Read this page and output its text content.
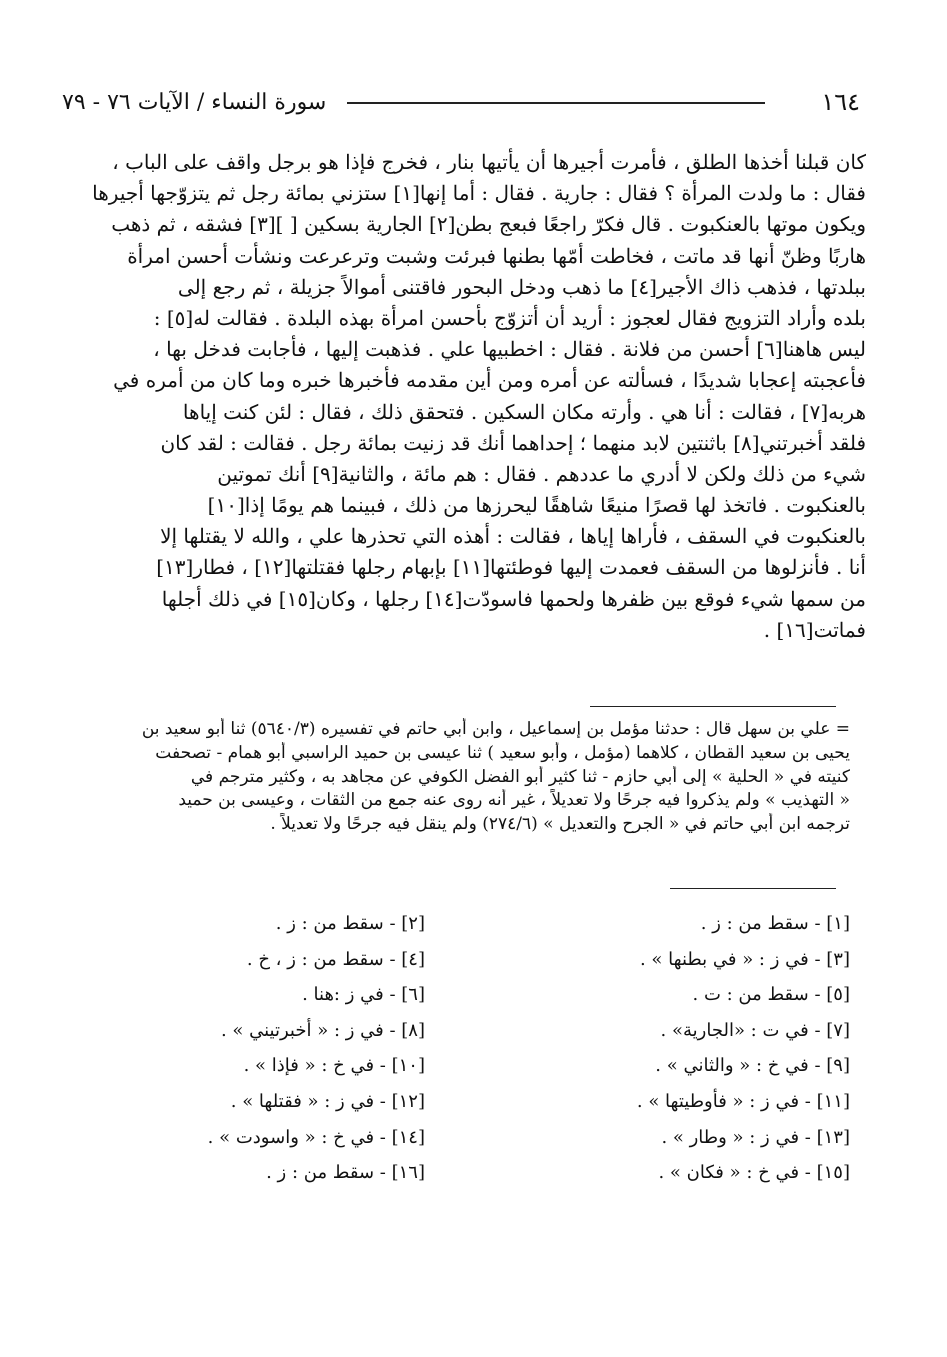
١٦٤
سورة النساء / الآيات ٧٦ - ٧٩
كان قبلنا أخذها الطلق ، فأمرت أجيرها أن يأتيها بنار ، فخرج فإذا هو برجل واقف على الباب ،
فقال : ما ولدت المرأة ؟ فقال : جارية . فقال : أما إنها[١] ستزني بمائة رجل ثم يتزوّجها أجيرها
ويكون موتها بالعنكبوت . قال فكرّ راجعًا فبعج بطن[٢] الجارية بسكين [ ][٣] فشقه ، ثم ذهب
هاربًا وظنّ أنها قد ماتت ، فخاطت أمّها بطنها فبرئت وشبت وترعرعت ونشأت أحسن امرأة
ببلدتها ، فذهب ذاك الأجير[٤] ما ذهب ودخل البحور فاقتنى أموالاً جزيلة ، ثم رجع إلى
بلده وأراد التزويج فقال لعجوز : أريد أن أتزوّج بأحسن امرأة بهذه البلدة . فقالت له[٥] :
ليس هاهنا[٦] أحسن من فلانة . فقال : اخطبيها علي . فذهبت إليها ، فأجابت فدخل بها ،
فأعجبته إعجابا شديدًا ، فسألته عن أمره ومن أين مقدمه فأخبرها خبره وما كان من أمره في
هربه[٧] ، فقالت : أنا هي . وأرته مكان السكين . فتحقق ذلك ، فقال : لئن كنت إياها
فلقد أخبرتني[٨] باثنتين لابد منهما ؛ إحداهما أنك قد زنيت بمائة رجل . فقالت : لقد كان
شيء من ذلك ولكن لا أدري ما عددهم . فقال : هم مائة ، والثانية[٩] أنك تموتين
بالعنكبوت . فاتخذ لها قصرًا منيعًا شاهقًا ليحرزها من ذلك ، فبينما هم يومًا إذا[١٠]
بالعنكبوت في السقف ، فأراها إياها ، فقالت : أهذه التي تحذرها علي ، والله لا يقتلها إلا
أنا . فأنزلوها من السقف فعمدت إليها فوطئتها[١١] بإبهام رجلها فقتلتها[١٢] ، فطار[١٣]
من سمها شيء فوقع بين ظفرها ولحمها فاسودّت[١٤] رجلها ، وكان[١٥] في ذلك أجلها
فماتت[١٦] .
= علي بن سهل قال : حدثنا مؤمل بن إسماعيل ، وابن أبي حاتم في تفسيره (٥٦٤٠/٣) ثنا أبو سعيد بن
يحيى بن سعيد القطان ، كلاهما (مؤمل ، وأبو سعيد ) ثنا عيسى بن حميد الراسبي أبو همام - تصحفت
كنيته في « الحلية » إلى أبي حازم - ثنا كثير أبو الفضل الكوفي عن مجاهد به ، وكثير مترجم في
« التهذيب » ولم يذكروا فيه جرحًا ولا تعديلاً ، غير أنه روى عنه جمع من الثقات ، وعيسى بن حميد
ترجمه ابن أبي حاتم في « الجرح والتعديل » (٢٧٤/٦) ولم ينقل فيه جرحًا ولا تعديلاً .
[١] - سقط من : ز .
[٢] - سقط من : ز .
[٣] - في ز : « في بطنها » .
[٤] - سقط من : ز ، خ .
[٥] - سقط من : ت .
[٦] - في ز :هنا .
[٧] - في ت : «الجارية» .
[٨] - في ز : « أخبرتيني » .
[٩] - في خ : « والثاني » .
[١٠] - في خ : « فإذا » .
[١١] - في ز : « فأوطيتها » .
[١٢] - في ز : « فقتلها » .
[١٣] - في ز : « وطار » .
[١٤] - في خ : « واسودت » .
[١٥] - في خ : « فكان » .
[١٦] - سقط من : ز .
